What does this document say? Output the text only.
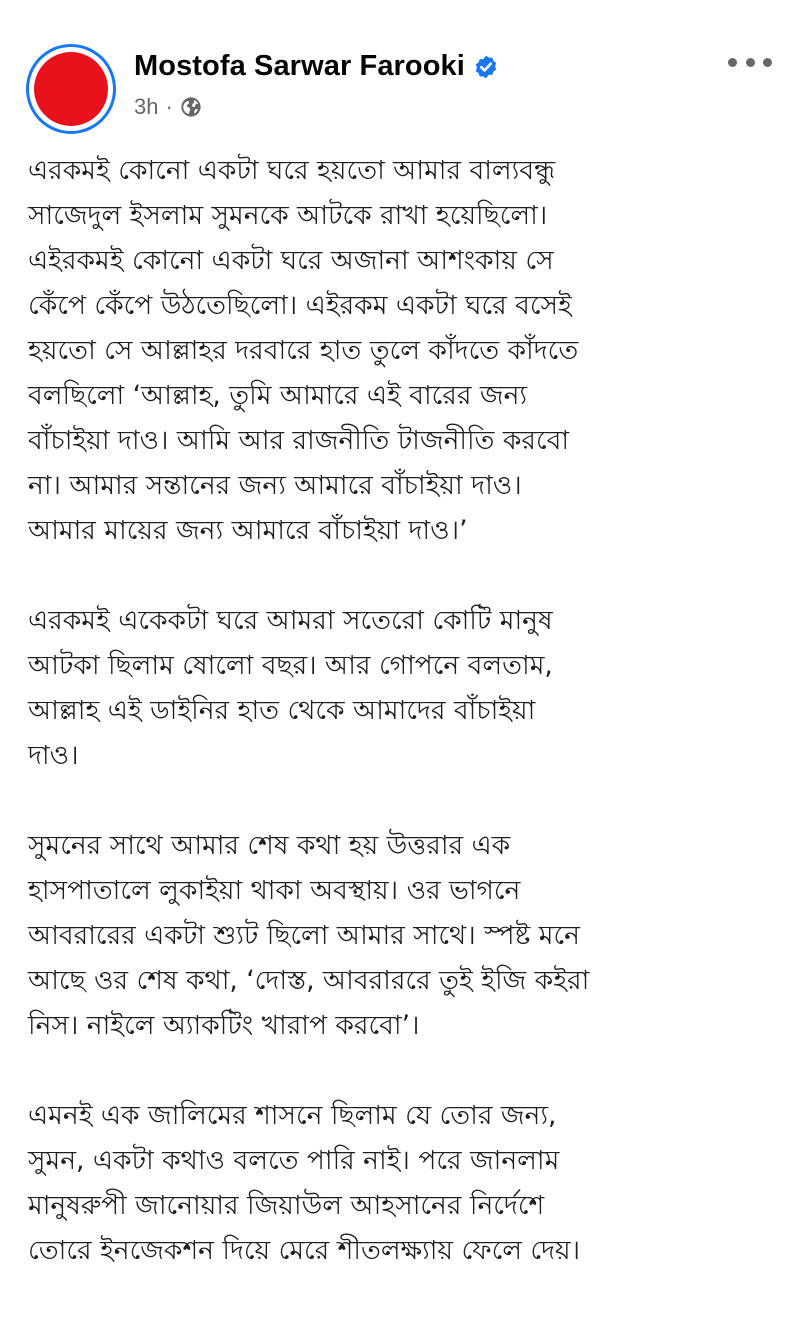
Mostofa Sarwar Farooki
3h ·

এরকমই কোনো একটা ঘরে হয়তো আমার বাল্যবন্ধু
সাজেদুল ইসলাম সুমনকে আটকে রাখা হয়েছিলো।
এইরকমই কোনো একটা ঘরে অজানা আশংকায় সে
কেঁপে কেঁপে উঠতেছিলো। এইরকম একটা ঘরে বসেই
হয়তো সে আল্লাহর দরবারে হাত তুলে কাঁদতে কাঁদতে
বলছিলো ‘আল্লাহ, তুমি আমারে এই বারের জন্য
বাঁচাইয়া দাও। আমি আর রাজনীতি টাজনীতি করবো
না। আমার সন্তানের জন্য আমারে বাঁচাইয়া দাও।
আমার মায়ের জন্য আমারে বাঁচাইয়া দাও।’

এরকমই একেকটা ঘরে আমরা সতেরো কোটি মানুষ
আটকা ছিলাম ষোলো বছর। আর গোপনে বলতাম,
আল্লাহ এই ডাইনির হাত থেকে আমাদের বাঁচাইয়া
দাও।

সুমনের সাথে আমার শেষ কথা হয় উত্তরার এক
হাসপাতালে লুকাইয়া থাকা অবস্থায়। ওর ভাগনে
আবরারের একটা শ্যুট ছিলো আমার সাথে। স্পষ্ট মনে
আছে ওর শেষ কথা, ‘দোস্ত, আবরাররে তুই ইজি কইরা
নিস। নাইলে অ্যাকটিং খারাপ করবো’।

এমনই এক জালিমের শাসনে ছিলাম যে তোর জন্য,
সুমন, একটা কথাও বলতে পারি নাই। পরে জানলাম
মানুষরুপী জানোয়ার জিয়াউল আহসানের নির্দেশে
তোরে ইনজেকশন দিয়ে মেরে শীতলক্ষ্যায় ফেলে দেয়।
